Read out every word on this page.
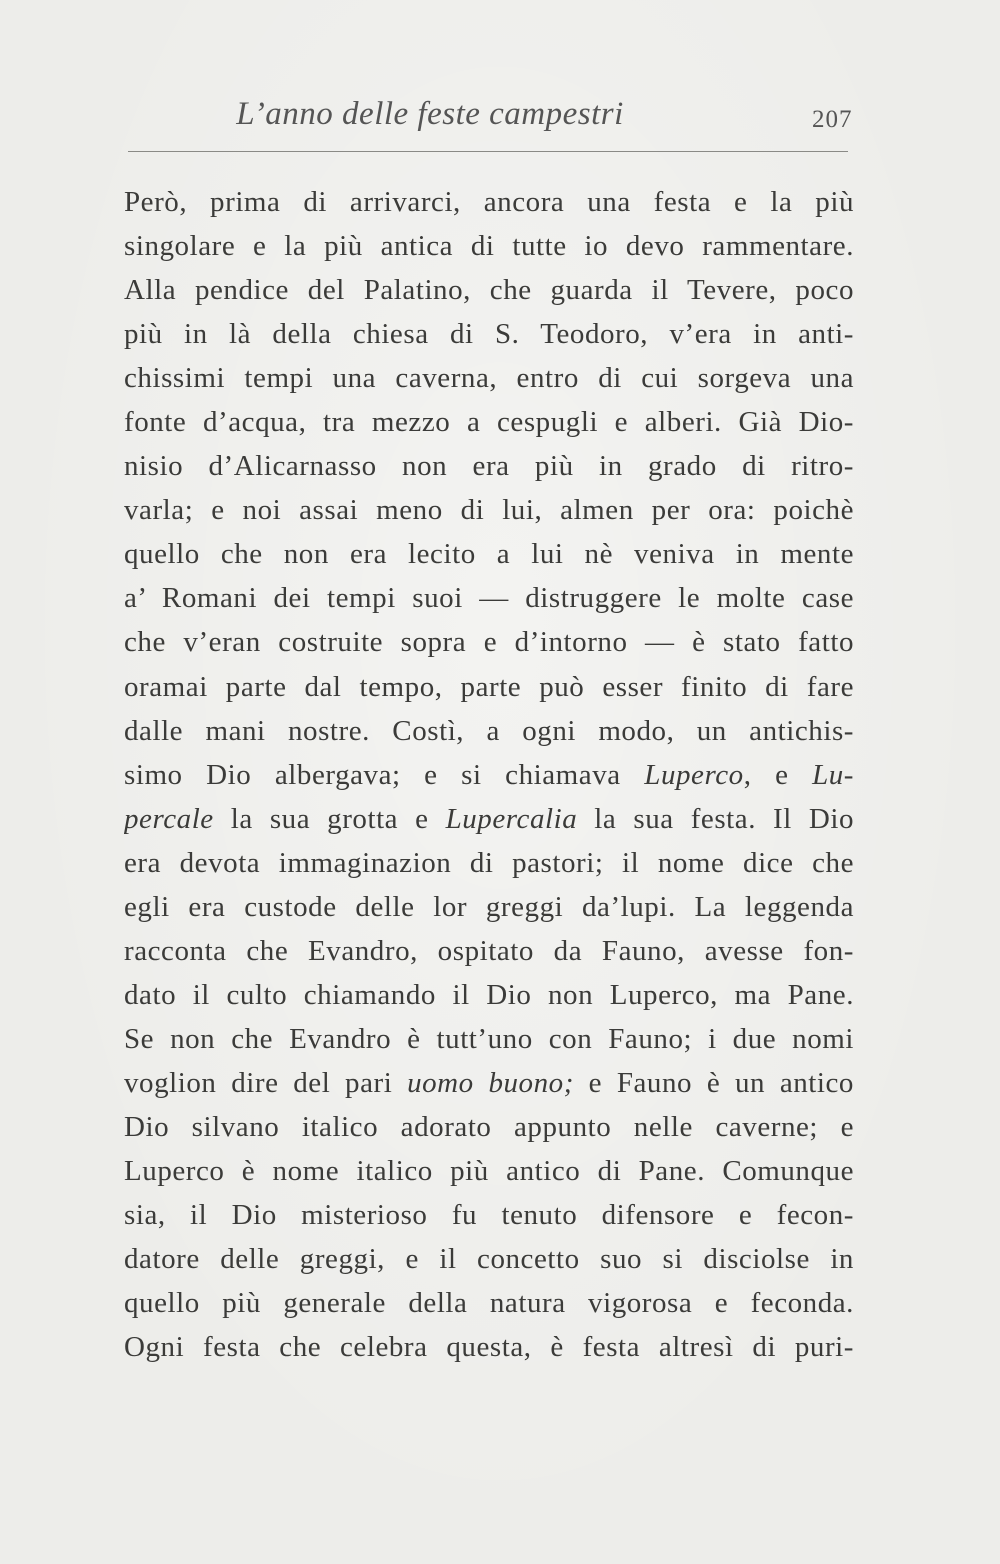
L’anno delle feste campestri	207
Però, prima di arrivarci, ancora una festa e la più
singolare e la più antica di tutte io devo rammentare.
Alla pendice del Palatino, che guarda il Tevere, poco
più in là della chiesa di S. Teodoro, v’era in anti-
chissimi tempi una caverna, entro di cui sorgeva una
fonte d’acqua, tra mezzo a cespugli e alberi. Già Dio-
nisio d’Alicarnasso non era più in grado di ritro-
varla; e noi assai meno di lui, almen per ora: poichè
quello che non era lecito a lui nè veniva in mente
a’ Romani dei tempi suoi — distruggere le molte case
che v’eran costruite sopra e d’intorno — è stato fatto
oramai parte dal tempo, parte può esser finito di fare
dalle mani nostre. Costì, a ogni modo, un antichis-
simo Dio albergava; e si chiamava Luperco, e Lu-
percale la sua grotta e Lupercalia la sua festa. Il Dio
era devota immaginazion di pastori; il nome dice che
egli era custode delle lor greggi da’lupi. La leggenda
racconta che Evandro, ospitato da Fauno, avesse fon-
dato il culto chiamando il Dio non Luperco, ma Pane.
Se non che Evandro è tutt’uno con Fauno; i due nomi
voglion dire del pari uomo buono; e Fauno è un antico
Dio silvano italico adorato appunto nelle caverne; e
Luperco è nome italico più antico di Pane. Comunque
sia, il Dio misterioso fu tenuto difensore e fecon-
datore delle greggi, e il concetto suo si disciolse in
quello più generale della natura vigorosa e feconda.
Ogni festa che celebra questa, è festa altresì di puri-
